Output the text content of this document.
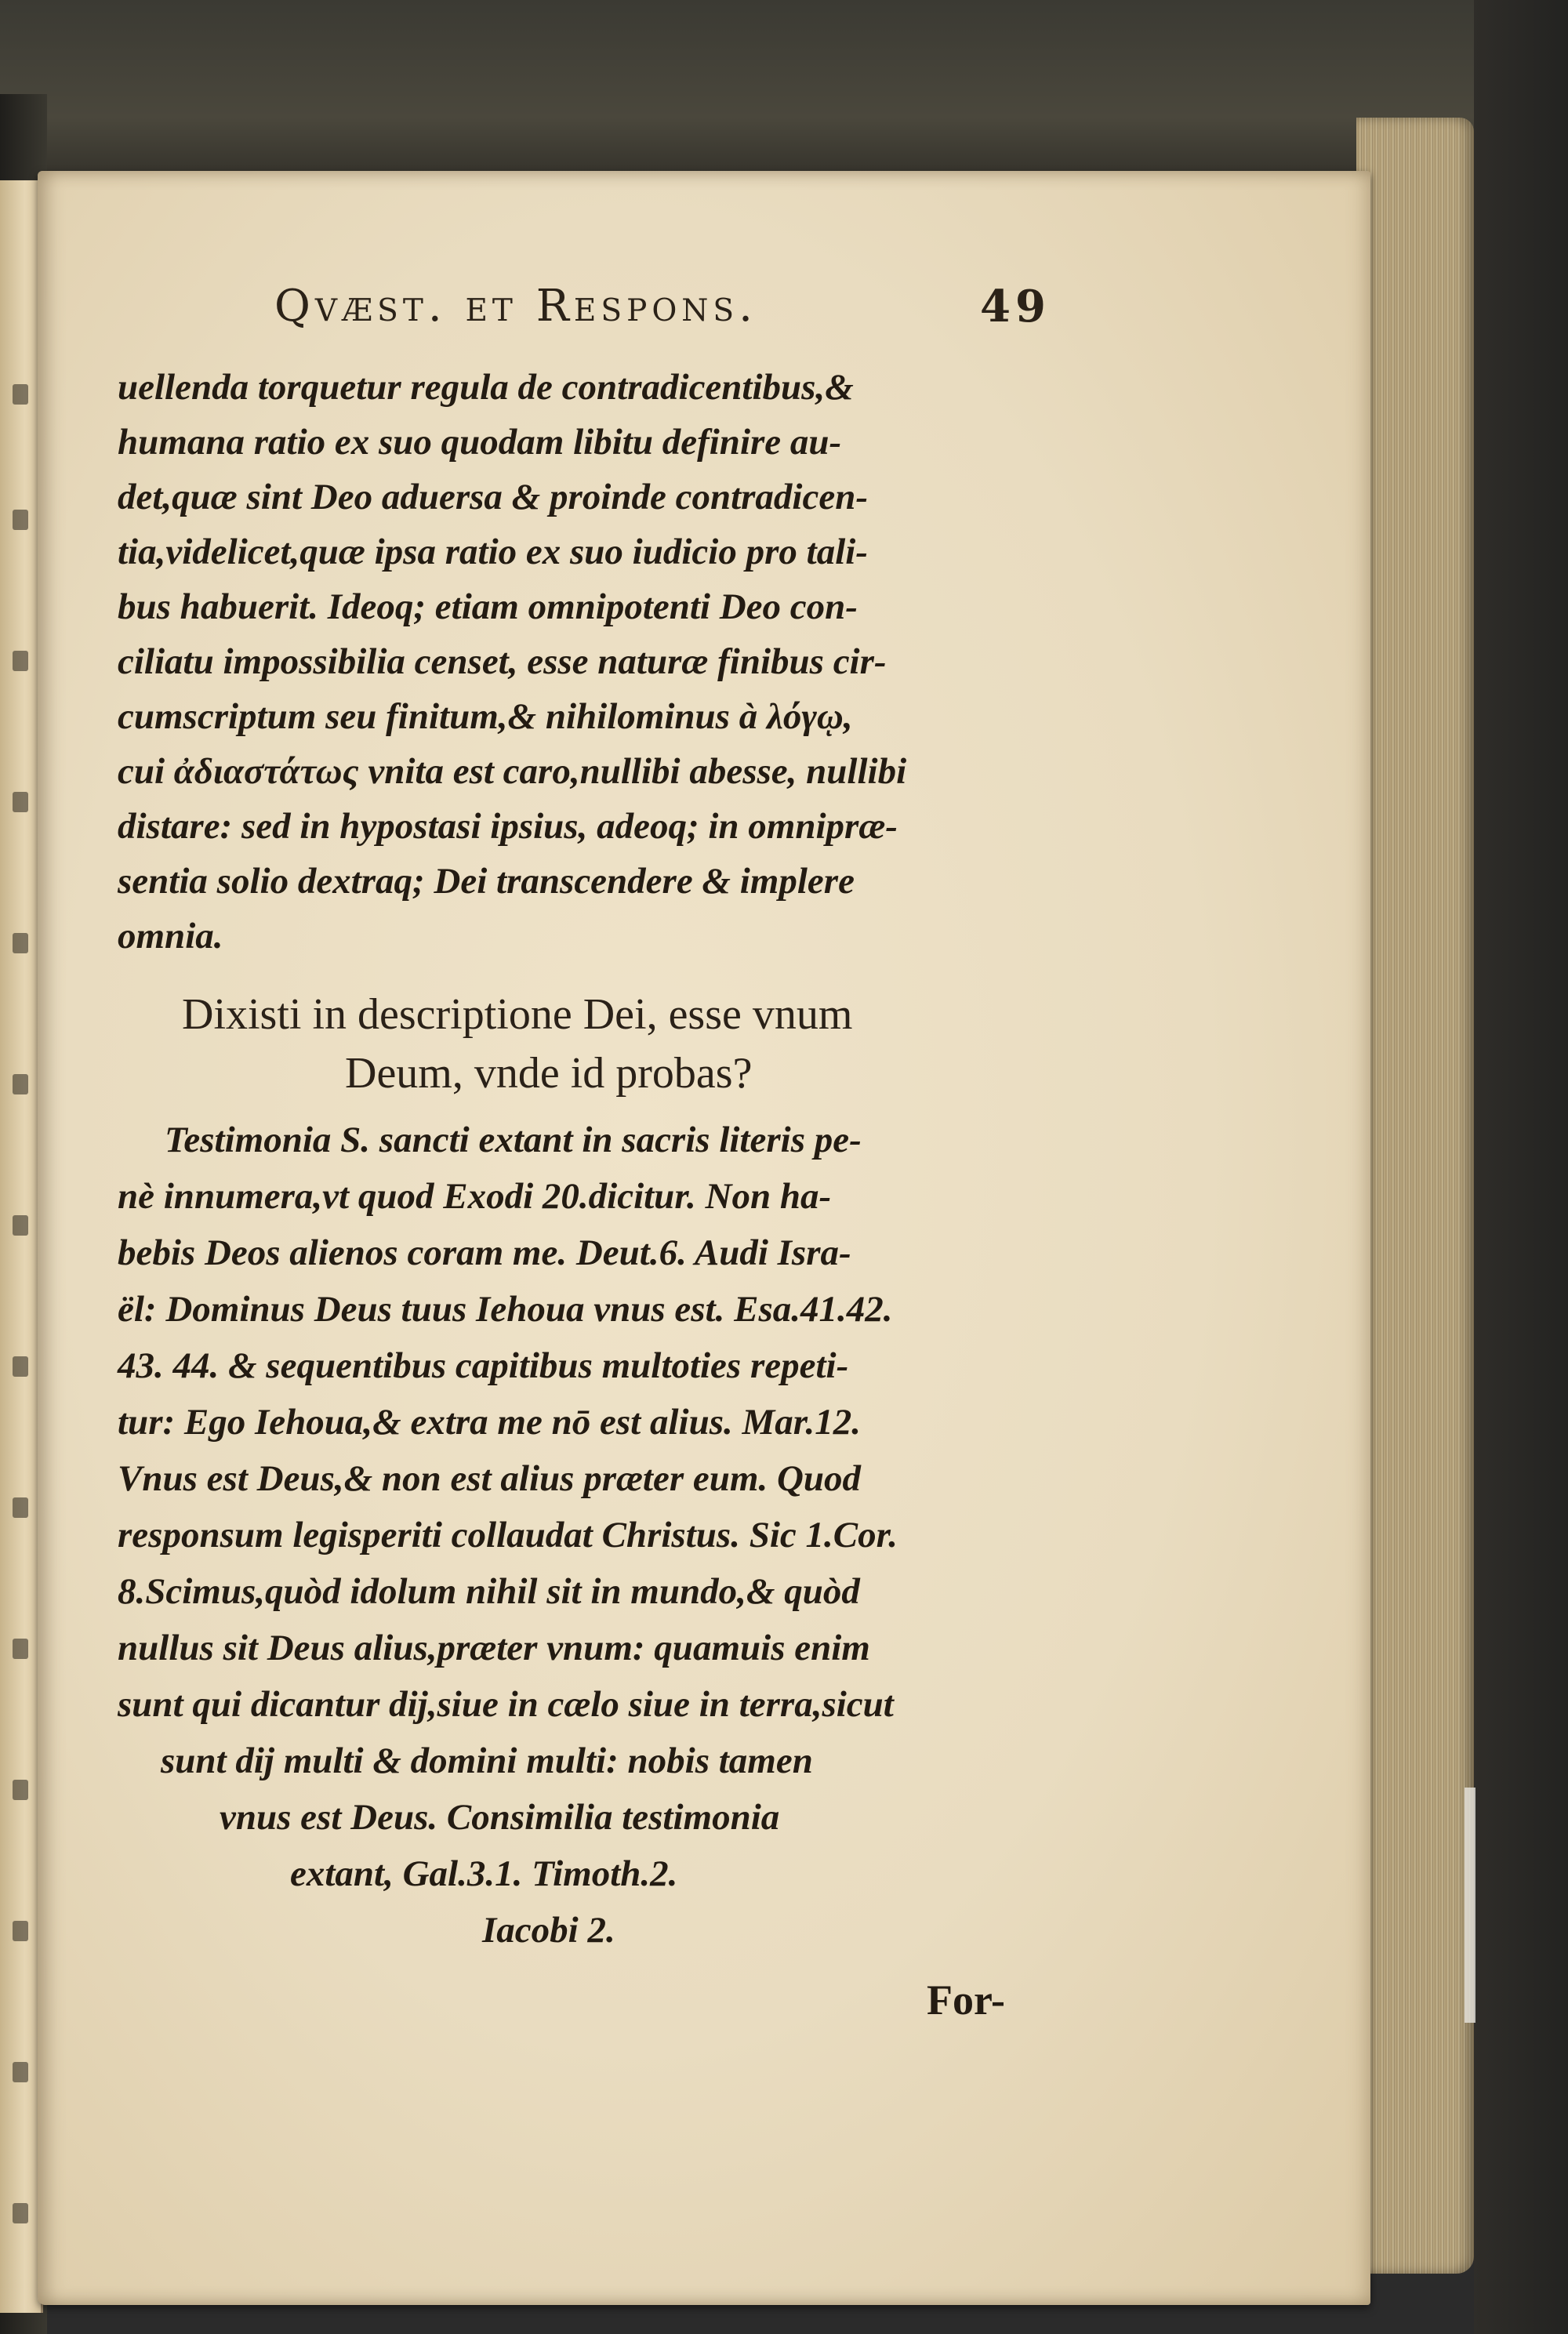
Qvæst. et Respons.	49
uellenda torquetur regula de contradicentibus,&
humana ratio ex suo quodam libitu definire au-
det,quæ sint Deo aduersa & proinde contradicen-
tia,videlicet,quæ ipsa ratio ex suo iudicio pro tali-
bus habuerit. Ideoq; etiam omnipotenti Deo con-
ciliatu impossibilia censet, esse naturæ finibus cir-
cumscriptum seu finitum,& nihilominus à λόγῳ,
cui ἀδιαστάτως vnita est caro,nullibi abesse, nullibi
distare: sed in hypostasi ipsius, adeoq; in omnipræ-
sentia solio dextraq; Dei transcendere & implere
omnia.
Dixisti in descriptione Dei, esse vnum
Deum, vnde id probas?
Testimonia S. sancti extant in sacris literis pe-
nè innumera,vt quod Exodi 20.dicitur. Non ha-
bebis Deos alienos coram me. Deut.6. Audi Isra-
ël: Dominus Deus tuus Iehoua vnus est. Esa.41.42.
43. 44. & sequentibus capitibus multoties repeti-
tur: Ego Iehoua,& extra me nō est alius. Mar.12.
Vnus est Deus,& non est alius præter eum. Quod
responsum legisperiti collaudat Christus. Sic 1.Cor.
8.Scimus,quòd idolum nihil sit in mundo,& quòd
nullus sit Deus alius,præter vnum: quamuis enim
sunt qui dicantur dij,siue in cælo siue in terra,sicut
sunt dij multi & domini multi: nobis tamen
vnus est Deus. Consimilia testimonia
extant, Gal.3.1. Timoth.2.
Iacobi 2.
For-
